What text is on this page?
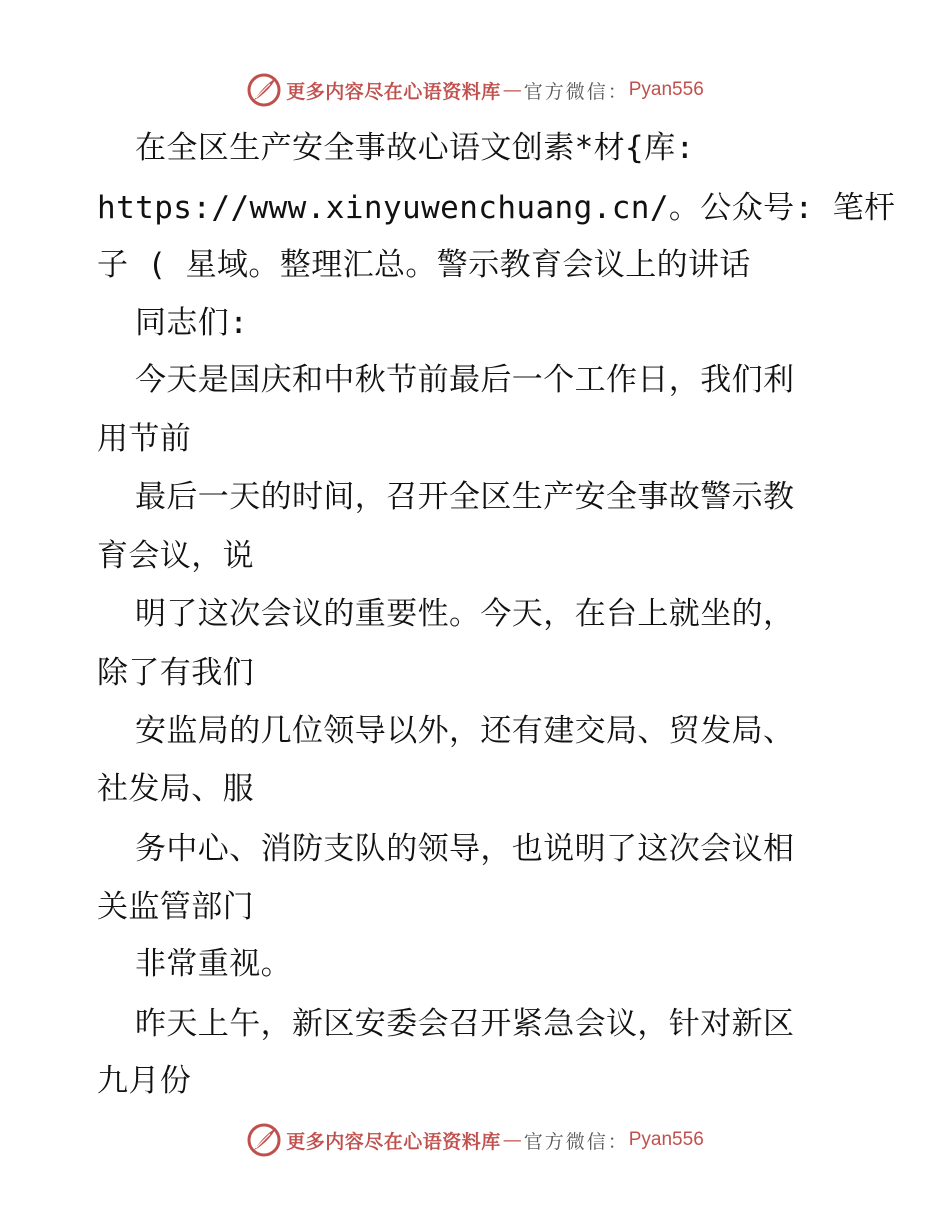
更多内容尽在心语资料库 — 官方微信： Pyan556
在全区生产安全事故心语文创素*材{库:
https://www.xinyuwenchuang.cn/。公众号: 笔杆
子 ( 星域。整理汇总。警示教育会议上的讲话
同志们:
今天是国庆和中秋节前最后一个工作日，我们利
用节前
最后一天的时间，召开全区生产安全事故警示教
育会议，说
明了这次会议的重要性。今天，在台上就坐的，
除了有我们
安监局的几位领导以外，还有建交局、贸发局、
社发局、服
务中心、消防支队的领导，也说明了这次会议相
关监管部门
非常重视。
昨天上午，新区安委会召开紧急会议，针对新区
九月份
更多内容尽在心语资料库 — 官方微信： Pyan556
